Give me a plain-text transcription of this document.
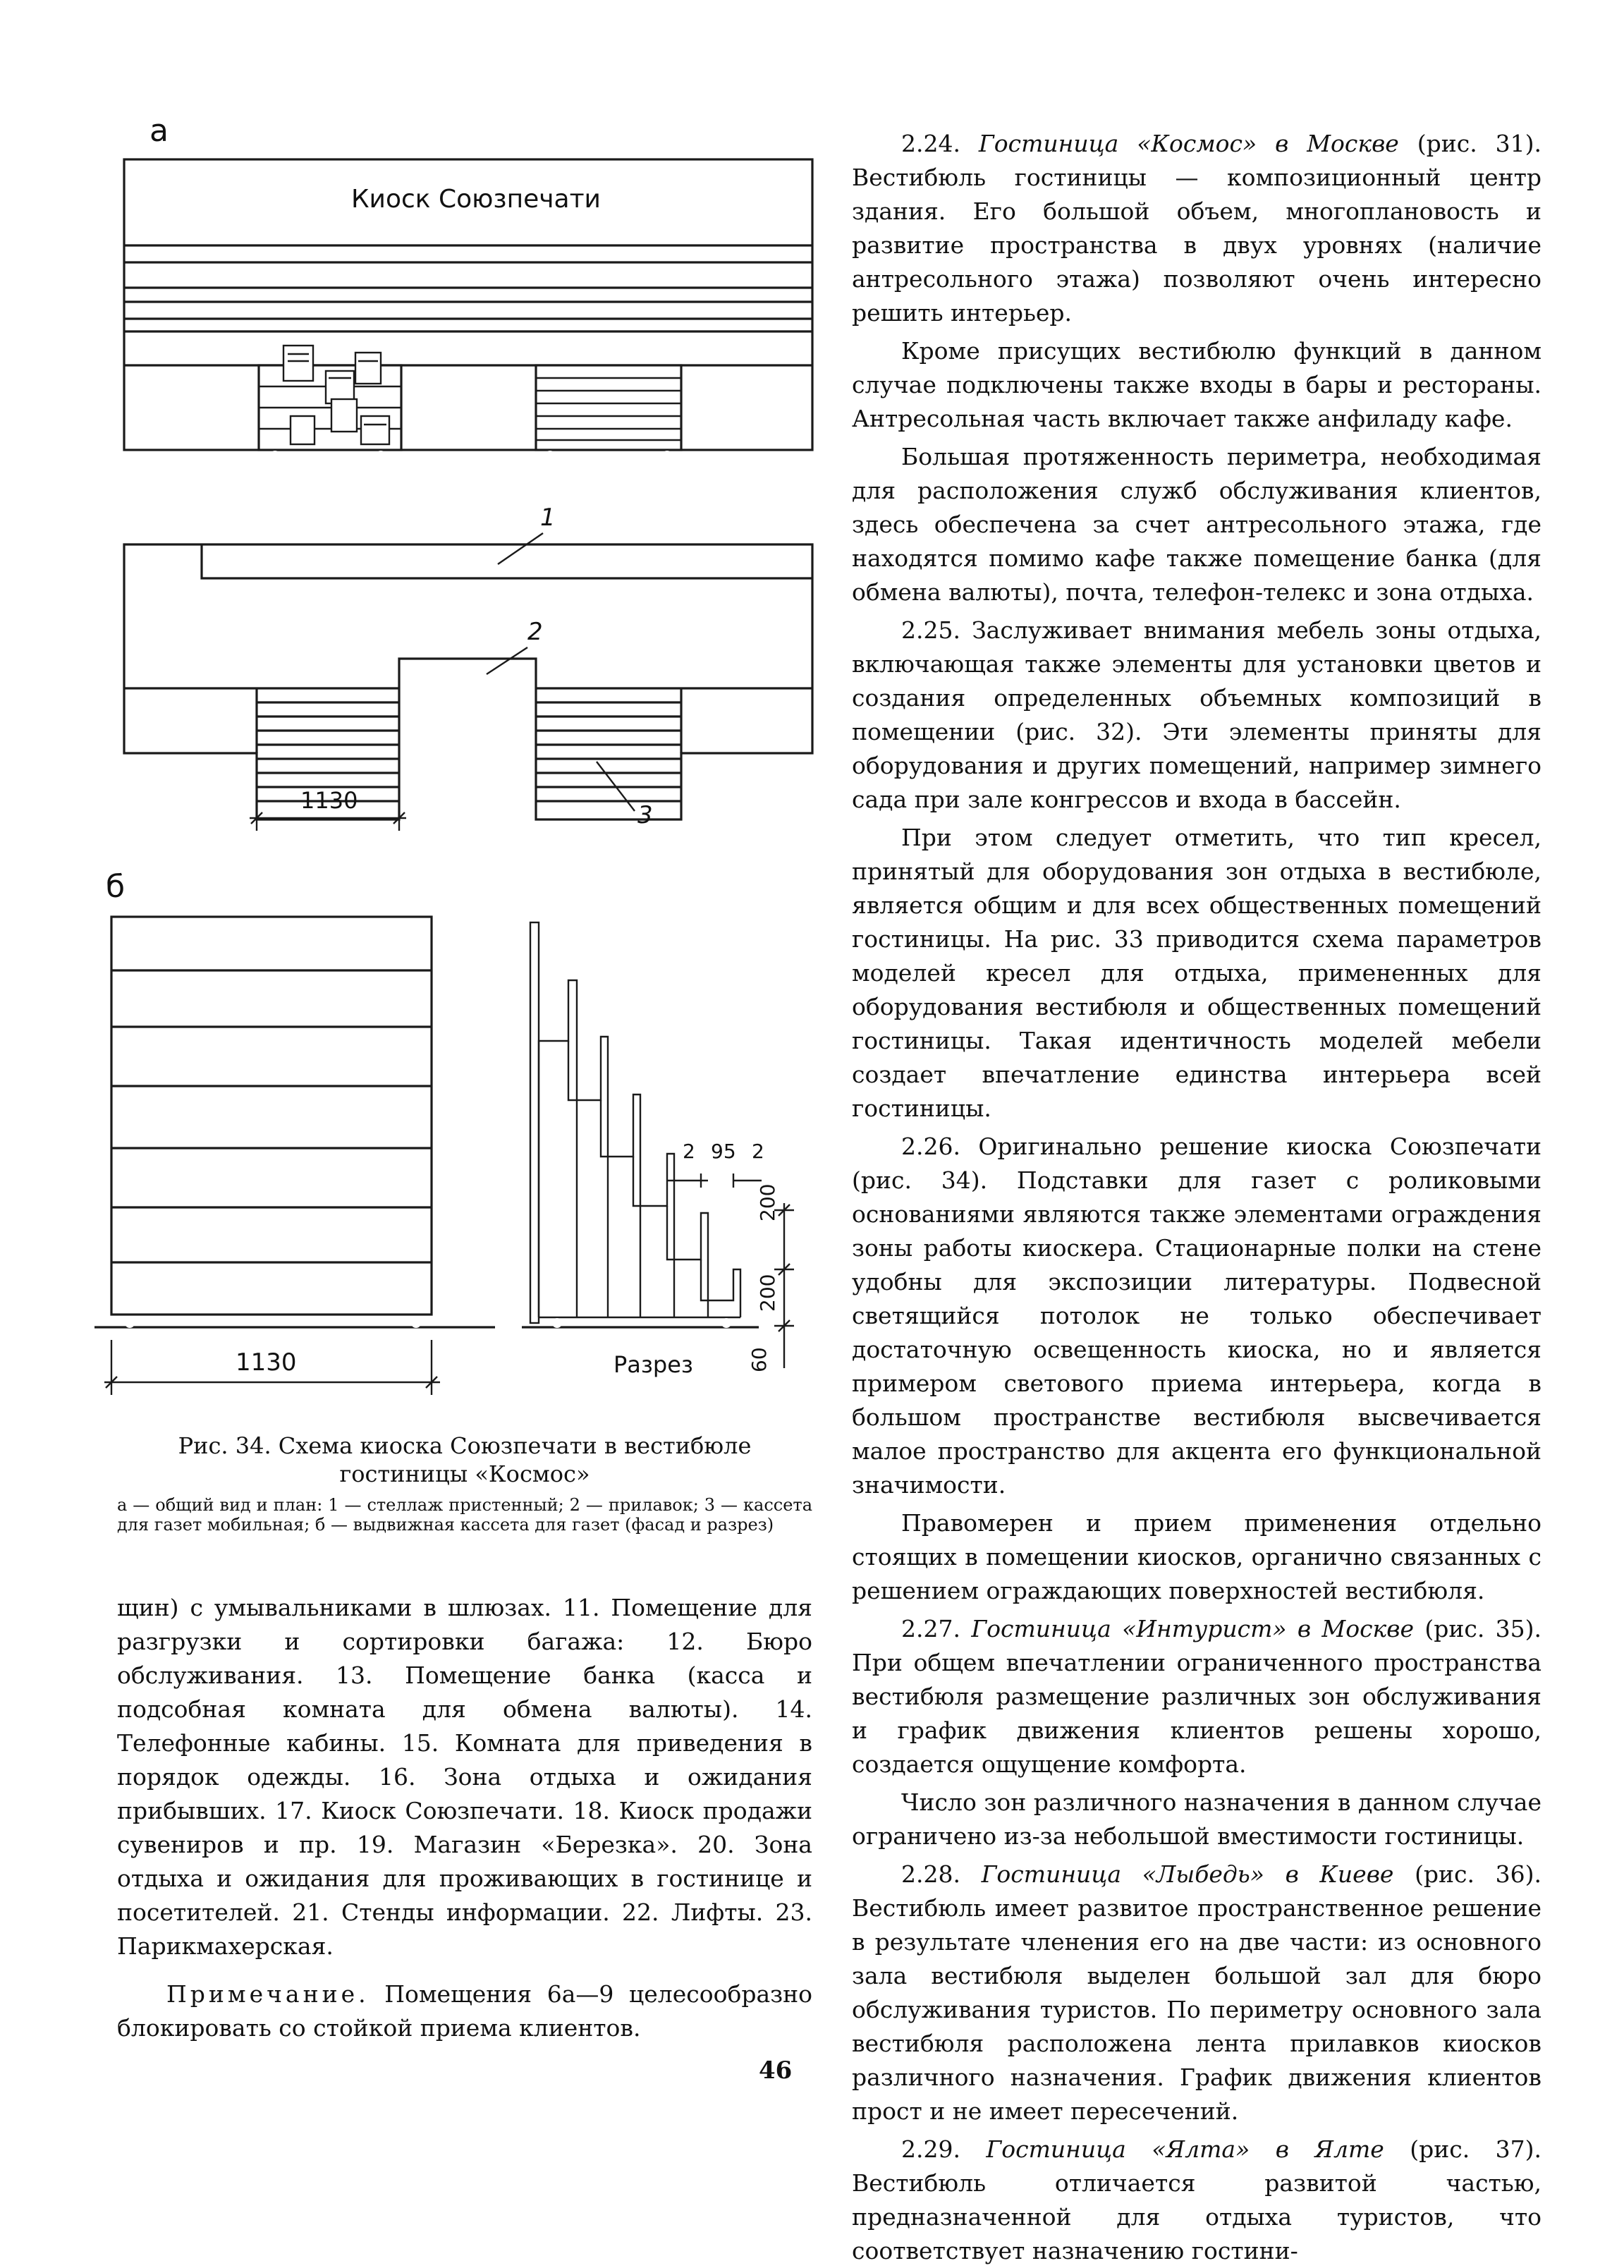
а
Киоск Союзпечати
1
2
3
1130
б
1130	Разрез
2 95 2
200
200
60
Рис. 34. Схема киоска Союзпечати в вестибюле гостиницы «Космос»
а — общий вид и план: 1 — стеллаж пристенный; 2 — прилавок; 3 — кассета для газет мобильная; б — выдвижная кассета для газет (фасад и разрез)

щин) с умывальниками в шлюзах. 11. Помещение для разгрузки и сортировки багажа: 12. Бюро обслуживания. 13. Помещение банка (касса и подсобная комната для обмена валюты). 14. Телефонные кабины. 15. Комната для приведения в порядок одежды. 16. Зона отдыха и ожидания прибывших. 17. Киоск Союзпечати. 18. Киоск продажи сувениров и пр. 19. Магазин «Березка». 20. Зона отдыха и ожидания для проживающих в гостинице и посетителей. 21. Стенды информации. 22. Лифты. 23. Парикмахерская.

Примечание. Помещения 6а—9 целесообразно блокировать со стойкой приема клиентов.

2.24. Гостиница «Космос» в Москве (рис. 31). Вестибюль гостиницы — композиционный центр здания. Его большой объем, многоплановость и развитие пространства в двух уровнях (наличие антресольного этажа) позволяют очень интересно решить интерьер.

Кроме присущих вестибюлю функций в данном случае подключены также входы в бары и рестораны. Антресольная часть включает также анфиладу кафе.

Большая протяженность периметра, необходимая для расположения служб обслуживания клиентов, здесь обеспечена за счет антресольного этажа, где находятся помимо кафе также помещение банка (для обмена валюты), почта, телефон-телекс и зона отдыха.

2.25. Заслуживает внимания мебель зоны отдыха, включающая также элементы для установки цветов и создания определенных объемных композиций в помещении (рис. 32). Эти элементы приняты для оборудования и других помещений, например зимнего сада при зале конгрессов и входа в бассейн.

При этом следует отметить, что тип кресел, принятый для оборудования зон отдыха в вестибюле, является общим и для всех общественных помещений гостиницы. На рис. 33 приводится схема параметров моделей кресел для отдыха, примененных для оборудования вестибюля и общественных помещений гостиницы. Такая идентичность моделей мебели создает впечатление единства интерьера всей гостиницы.

2.26. Оригинально решение киоска Союзпечати (рис. 34). Подставки для газет с роликовыми основаниями являются также элементами ограждения зоны работы киоскера. Стационарные полки на стене удобны для экспозиции литературы. Подвесной светящийся потолок не только обеспечивает достаточную освещенность киоска, но и является примером светового приема интерьера, когда в большом пространстве вестибюля высвечивается малое пространство для акцента его функциональной значимости.

Правомерен и прием применения отдельно стоящих в помещении киосков, органично связанных с решением ограждающих поверхностей вестибюля.

2.27. Гостиница «Интурист» в Москве (рис. 35). При общем впечатлении ограниченного пространства вестибюля размещение различных зон обслуживания и график движения клиентов решены хорошо, создается ощущение комфорта.

Число зон различного назначения в данном случае ограничено из-за небольшой вместимости гостиницы.

2.28. Гостиница «Лыбедь» в Киеве (рис. 36). Вестибюль имеет развитое пространственное решение в результате членения его на две части: из основного зала вестибюля выделен большой зал для бюро обслуживания туристов. По периметру основного зала вестибюля расположена лента прилавков киосков различного назначения. График движения клиентов прост и не имеет пересечений.

2.29. Гостиница «Ялта» в Ялте (рис. 37). Вестибюль отличается развитой частью, предназначенной для отдыха туристов, что соответствует назначению гостини-

46
